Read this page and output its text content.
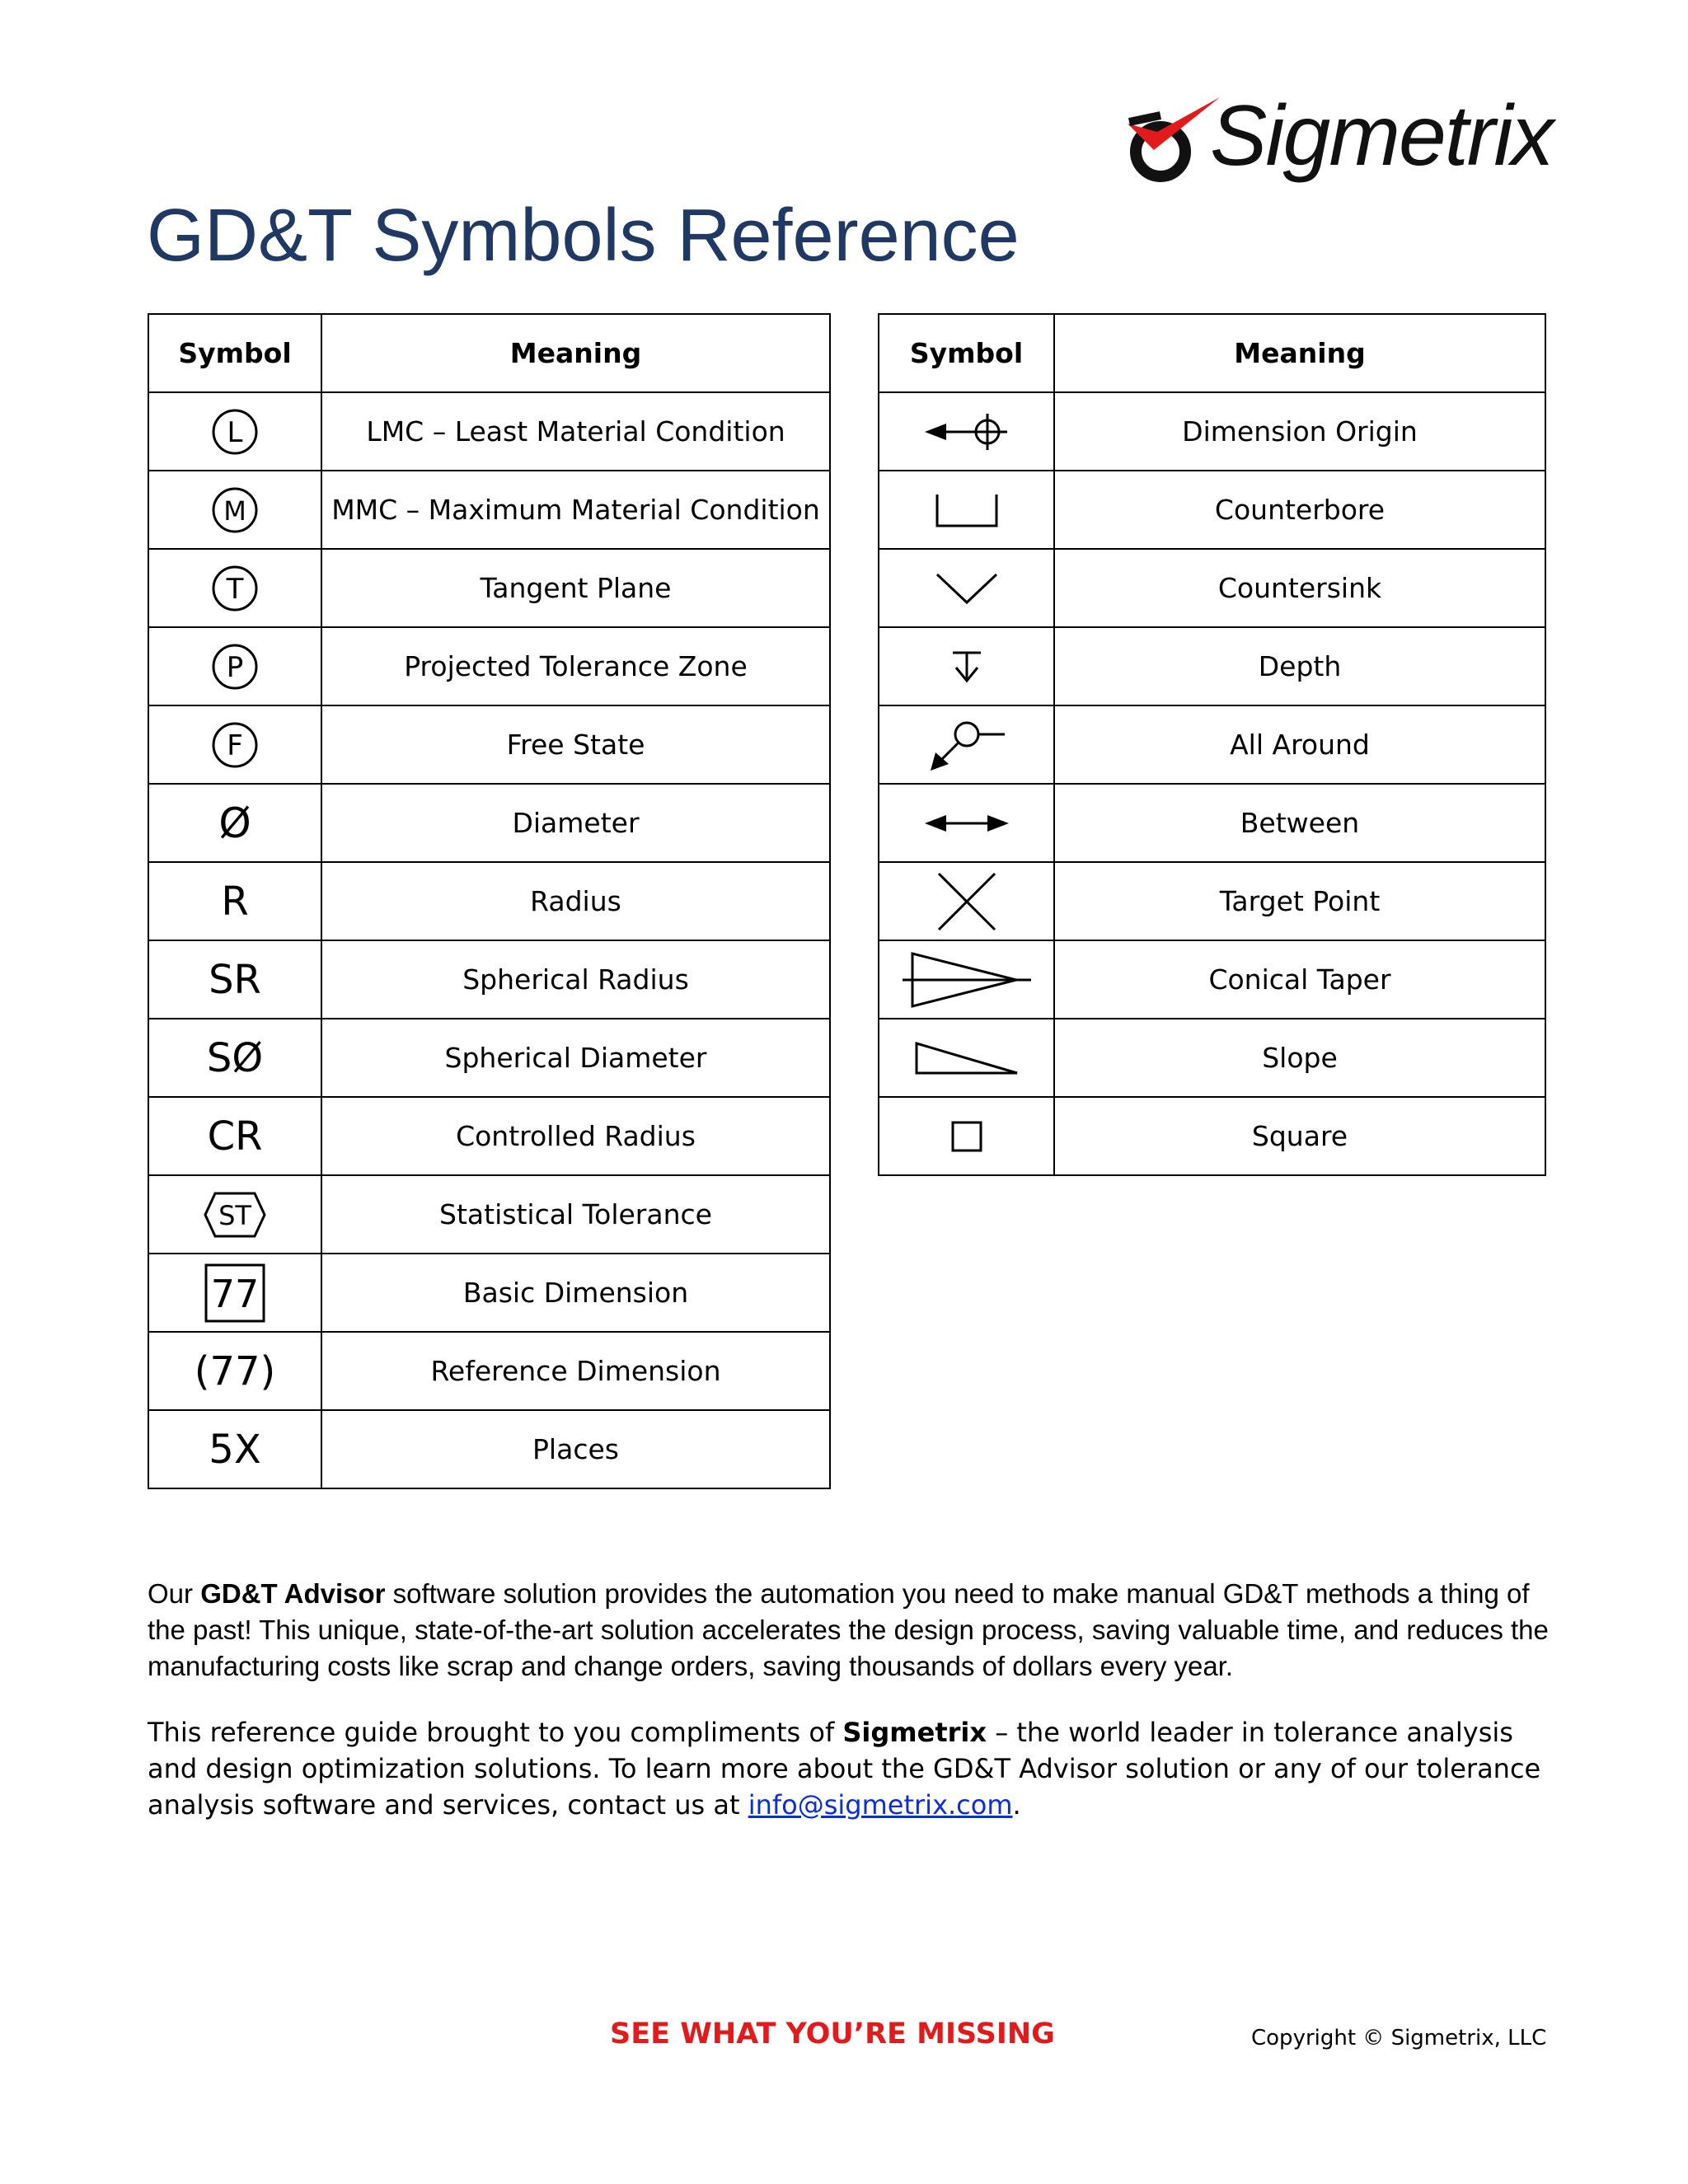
Sigmetrix
GD&T Symbols Reference
Symbol	Meaning

L	LMC – Least Material Condition

M	MMC – Maximum Material Condition

T	Tangent Plane

P	Projected Tolerance Zone

F	Free State

Ø	Diameter
R	Radius
SR	Spherical Radius
SØ	Spherical Diameter
CR	Controlled Radius

ST	Statistical Tolerance

77	Basic Dimension
(77)	Reference Dimension
5X	Places
Symbol	Meaning

	Dimension Origin

	Counterbore

	Countersink

	Depth

	All Around

	Between

	Target Point

	Conical Taper

	Slope

	Square

Our GD&T Advisor software solution provides the automation you need to make manual GD&T methods a thing of the past! This unique, state-of-the-art solution accelerates the design process, saving valuable time, and reduces the manufacturing costs like scrap and change orders, saving thousands of dollars every year.

This reference guide brought to you compliments of Sigmetrix – the world leader in tolerance analysis and design optimization solutions. To learn more about the GD&T Advisor solution or any of our tolerance analysis software and services, contact us at info@sigmetrix.com.

SEE WHAT YOU’RE MISSING	Copyright © Sigmetrix, LLC
